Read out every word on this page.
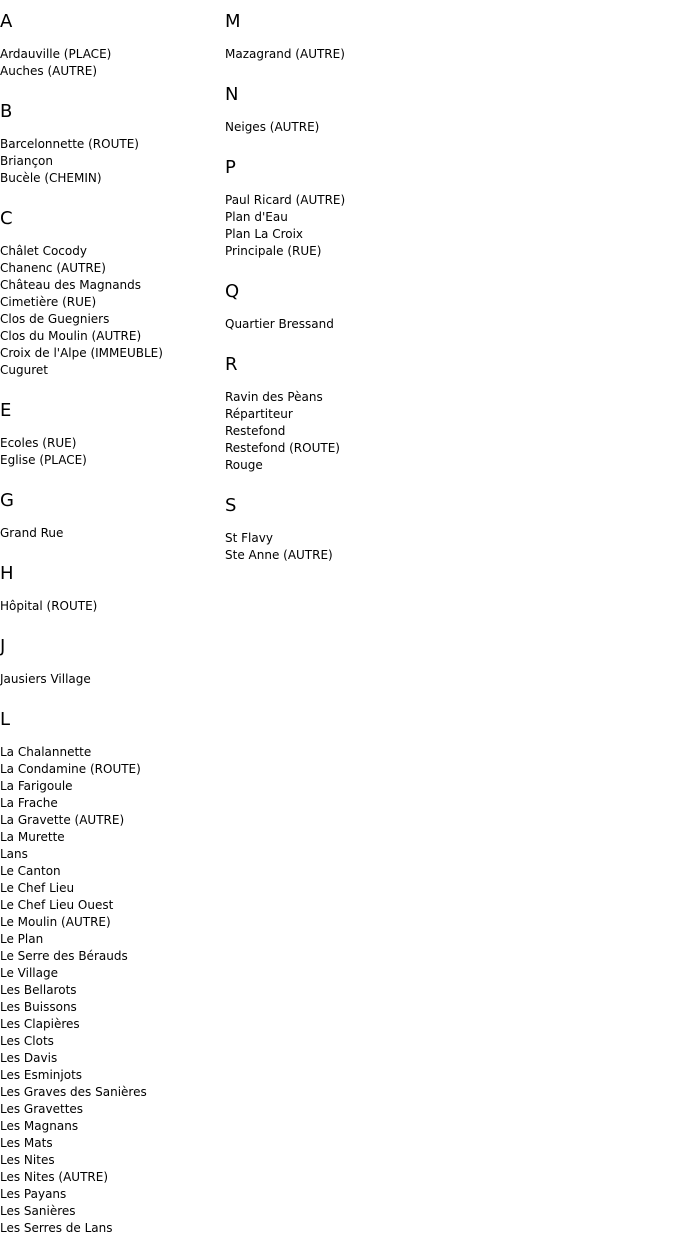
A
Ardauville (PLACE)
Auches (AUTRE)
B
Barcelonnette (ROUTE)
Briançon
Bucèle (CHEMIN)
C
Châlet Cocody
Chanenc (AUTRE)
Château des Magnands
Cimetière (RUE)
Clos de Guegniers
Clos du Moulin (AUTRE)
Croix de l'Alpe (IMMEUBLE)
Cuguret
E
Ecoles (RUE)
Eglise (PLACE)
G
Grand Rue
H
Hôpital (ROUTE)
J
Jausiers Village
L
La Chalannette
La Condamine (ROUTE)
La Farigoule
La Frache
La Gravette (AUTRE)
La Murette
Lans
Le Canton
Le Chef Lieu
Le Chef Lieu Ouest
Le Moulin (AUTRE)
Le Plan
Le Serre des Bérauds
Le Village
Les Bellarots
Les Buissons
Les Clapières
Les Clots
Les Davis
Les Esminjots
Les Graves des Sanières
Les Gravettes
Les Magnans
Les Mats
Les Nites
Les Nites (AUTRE)
Les Payans
Les Sanières
Les Serres de Lans
M
Mazagrand (AUTRE)
N
Neiges (AUTRE)
P
Paul Ricard (AUTRE)
Plan d'Eau
Plan La Croix
Principale (RUE)
Q
Quartier Bressand
R
Ravin des Pèans
Répartiteur
Restefond
Restefond (ROUTE)
Rouge
S
St Flavy
Ste Anne (AUTRE)
